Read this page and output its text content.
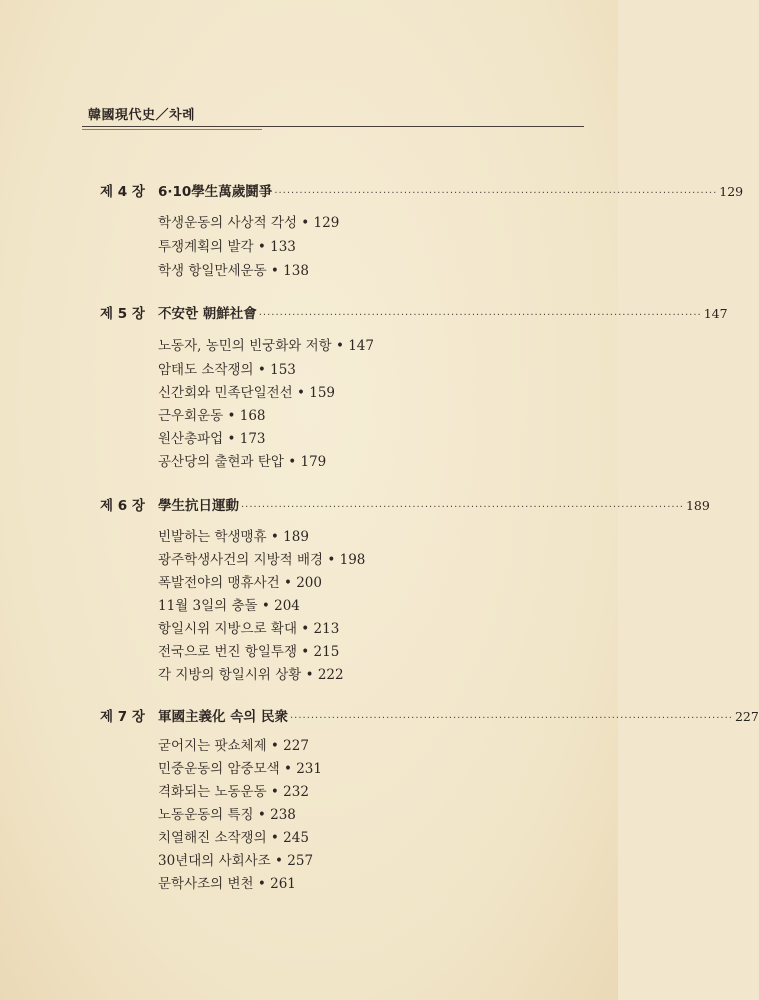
韓國現代史／차례
제 4 장 6·10學生萬歲鬪爭 ·········································································································· 129
학생운동의 사상적 각성 • 129
투쟁계획의 발각 • 133
학생 항일만세운동 • 138
제 5 장 不安한 朝鮮社會 ·········································································································· 147
노동자, 농민의 빈궁화와 저항 • 147
암태도 소작쟁의 • 153
신간회와 민족단일전선 • 159
근우회운동 • 168
원산총파업 • 173
공산당의 출현과 탄압 • 179
제 6 장 學生抗日運動 ·········································································································· 189
빈발하는 학생맹휴 • 189
광주학생사건의 지방적 배경 • 198
폭발전야의 맹휴사건 • 200
11월 3일의 충돌 • 204
항일시위 지방으로 확대 • 213
전국으로 번진 항일투쟁 • 215
각 지방의 항일시위 상황 • 222
제 7 장 軍國主義化 속의 民衆 ·········································································································· 227
굳어지는 팟쇼체제 • 227
민중운동의 암중모색 • 231
격화되는 노동운동 • 232
노동운동의 특징 • 238
치열해진 소작쟁의 • 245
30년대의 사회사조 • 257
문학사조의 변천 • 261
